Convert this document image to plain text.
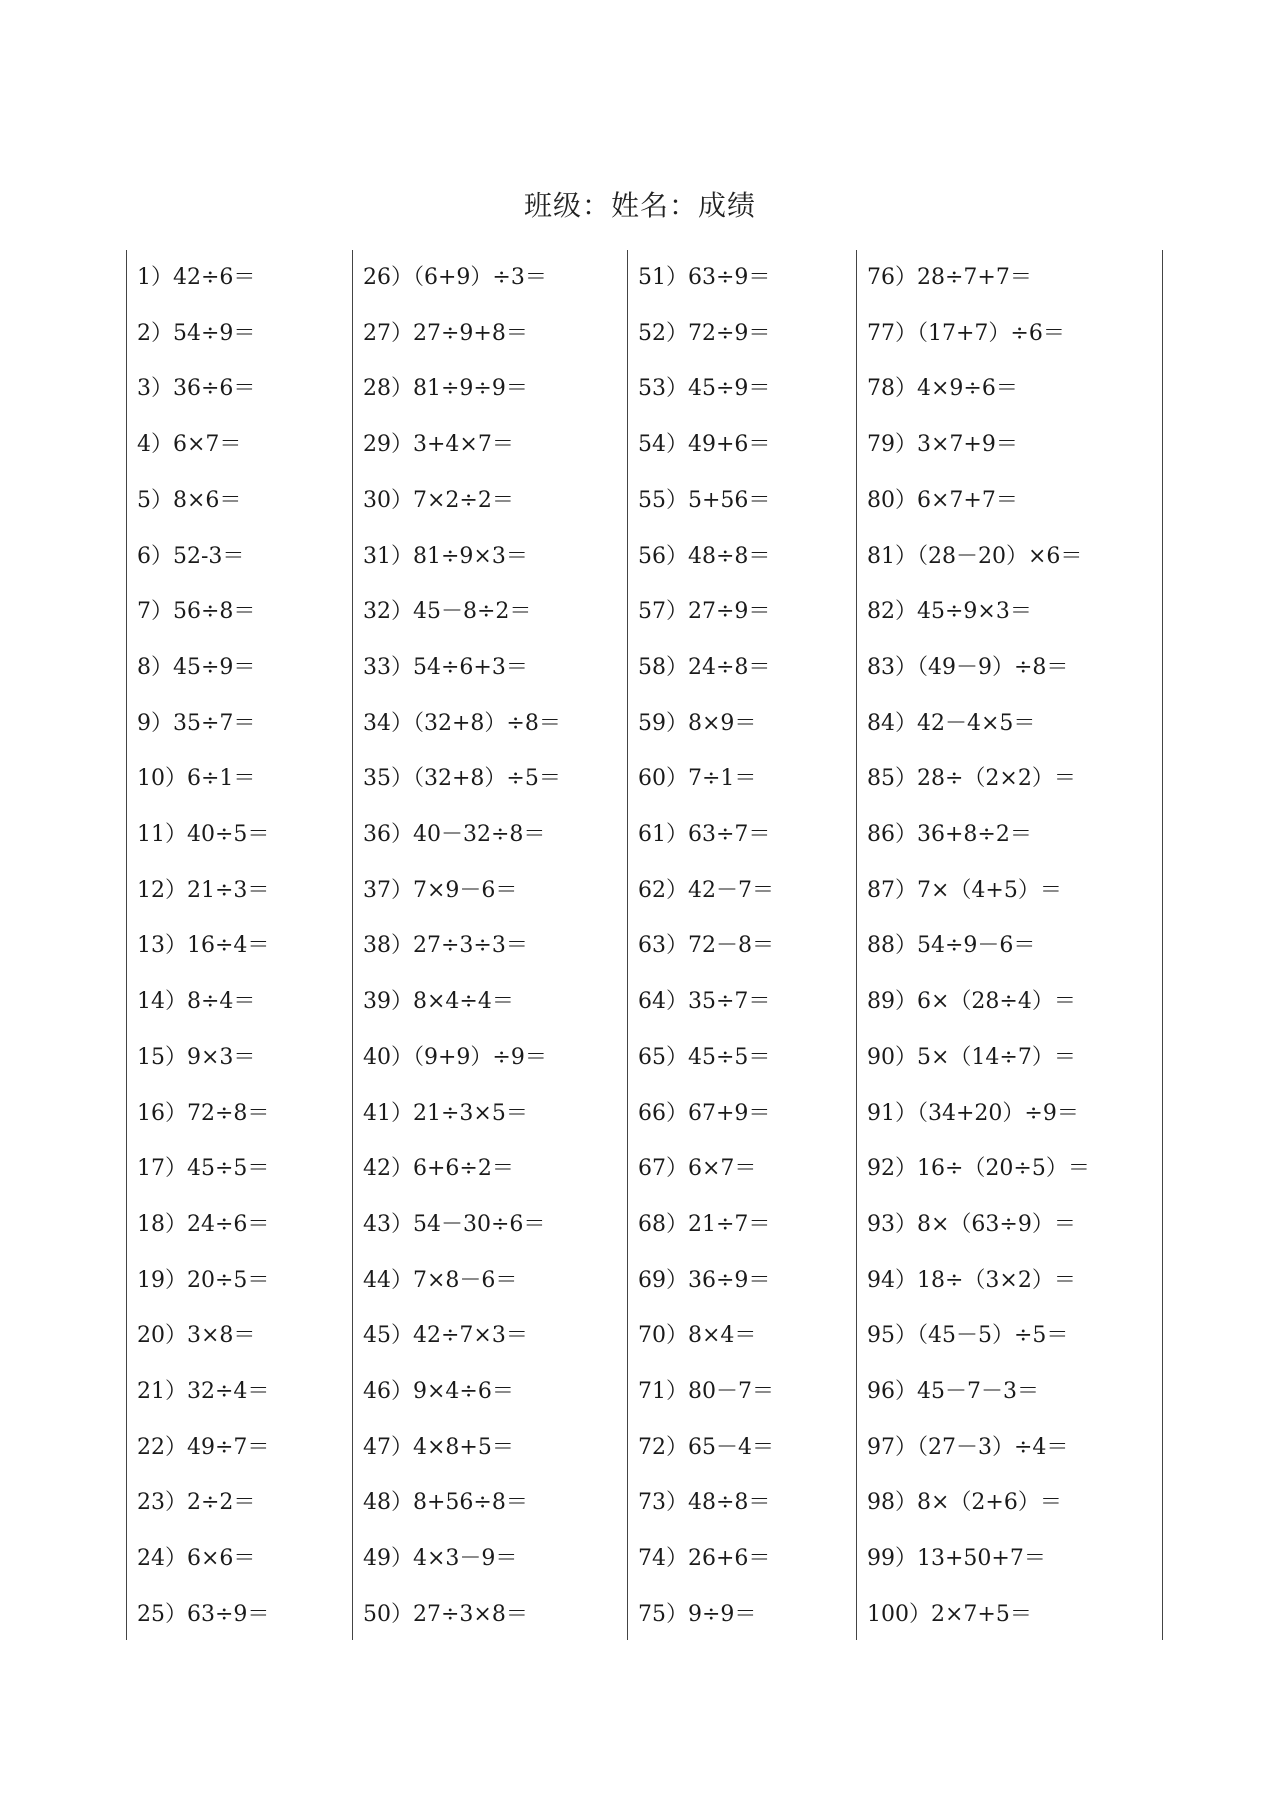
班级：姓名：成绩
1）42÷6＝
2）54÷9＝
3）36÷6＝
4）6×7＝
5）8×6＝
6）52-3＝
7）56÷8＝
8）45÷9＝
9）35÷7＝
10）6÷1＝
11）40÷5＝
12）21÷3＝
13）16÷4＝
14）8÷4＝
15）9×3＝
16）72÷8＝
17）45÷5＝
18）24÷6＝
19）20÷5＝
20）3×8＝
21）32÷4＝
22）49÷7＝
23）2÷2＝
24）6×6＝
25）63÷9＝
26）（6+9）÷3＝
27）27÷9+8＝
28）81÷9÷9＝
29）3+4×7＝
30）7×2÷2＝
31）81÷9×3＝
32）45－8÷2＝
33）54÷6+3＝
34）（32+8）÷8＝
35）（32+8）÷5＝
36）40－32÷8＝
37）7×9－6＝
38）27÷3÷3＝
39）8×4÷4＝
40）（9+9）÷9＝
41）21÷3×5＝
42）6+6÷2＝
43）54－30÷6＝
44）7×8－6＝
45）42÷7×3＝
46）9×4÷6＝
47）4×8+5＝
48）8+56÷8＝
49）4×3－9＝
50）27÷3×8＝
51）63÷9＝
52）72÷9＝
53）45÷9＝
54）49+6＝
55）5+56＝
56）48÷8＝
57）27÷9＝
58）24÷8＝
59）8×9＝
60）7÷1＝
61）63÷7＝
62）42－7＝
63）72－8＝
64）35÷7＝
65）45÷5＝
66）67+9＝
67）6×7＝
68）21÷7＝
69）36÷9＝
70）8×4＝
71）80－7＝
72）65－4＝
73）48÷8＝
74）26+6＝
75）9÷9＝
76）28÷7+7＝
77）（17+7）÷6＝
78）4×9÷6＝
79）3×7+9＝
80）6×7+7＝
81）（28－20）×6＝
82）45÷9×3＝
83）（49－9）÷8＝
84）42－4×5＝
85）28÷（2×2）＝
86）36+8÷2＝
87）7×（4+5）＝
88）54÷9－6＝
89）6×（28÷4）＝
90）5×（14÷7）＝
91）（34+20）÷9＝
92）16÷（20÷5）＝
93）8×（63÷9）＝
94）18÷（3×2）＝
95）（45－5）÷5＝
96）45－7－3＝
97）（27－3）÷4＝
98）8×（2+6）＝
99）13+50+7＝
100）2×7+5＝
